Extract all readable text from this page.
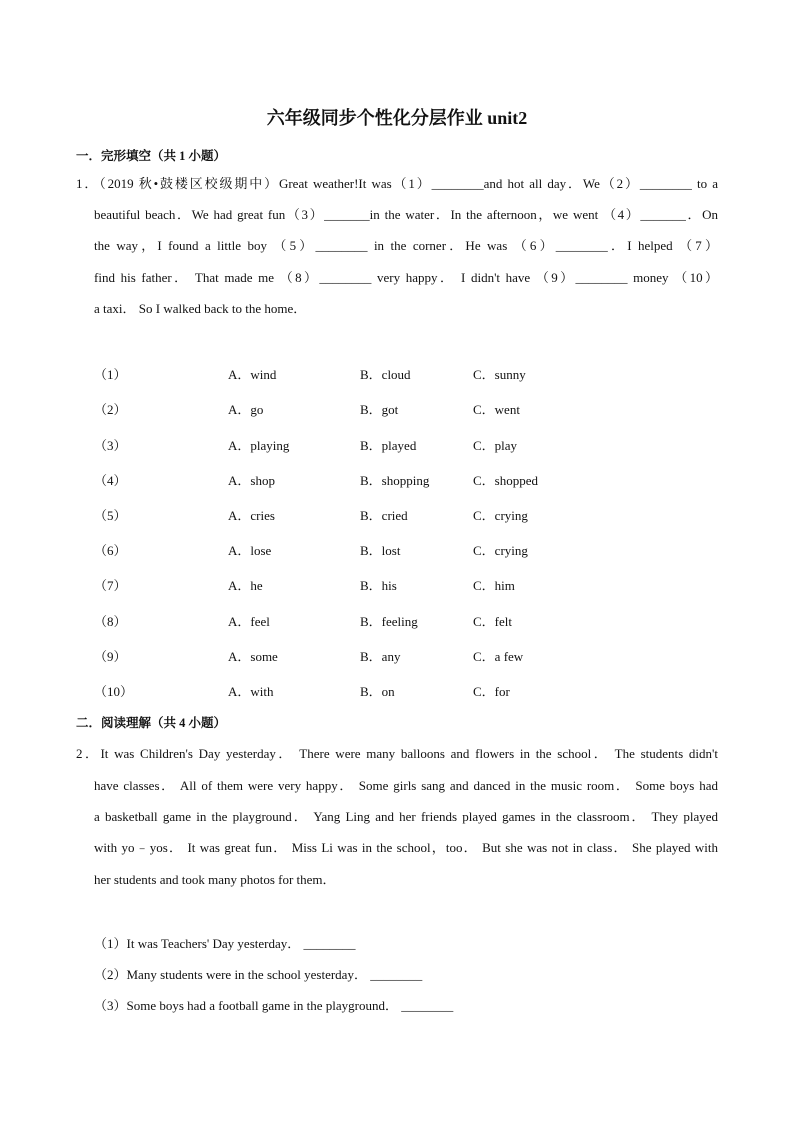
六年级同步个性化分层作业 unit2
一．完形填空（共 1 小题）
1．（2019 秋•鼓楼区校级期中）Great weather!It was（1）________and hot all day．We（2）________ to a
beautiful beach．We had great fun（3）_______in the water．In the afternoon，we went （4）_______．On
the way，I found a little boy （5）________ in the corner．He was （6）________．I helped （7）
find his father． That made me （8）________ very happy． I didn't have （9）________ money （10）
a taxi． So I walked back to the home．
（1）	A．wind	B．cloud	C．sunny
（2）	A．go	B．got	C．went
（3）	A．playing	B．played	C．play
（4）	A．shop	B．shopping	C．shopped
（5）	A．cries	B．cried	C．crying
（6）	A．lose	B．lost	C．crying
（7）	A．he	B．his	C．him
（8）	A．feel	B．feeling	C．felt
（9）	A．some	B．any	C．a few
（10）	A．with	B．on	C．for
二．阅读理解（共 4 小题）
2．It was Children's Day yesterday． There were many balloons and flowers in the school． The students didn't
have classes． All of them were very happy． Some girls sang and danced in the music room． Some boys had
a basketball game in the playground． Yang Ling and her friends played games in the classroom． They played
with yo﹣yos． It was great fun． Miss Li was in the school，too． But she was not in class． She played with
her students and took many photos for them．
（1）It was Teachers' Day yesterday． ________
（2）Many students were in the school yesterday． ________
（3）Some boys had a football game in the playground． ________
